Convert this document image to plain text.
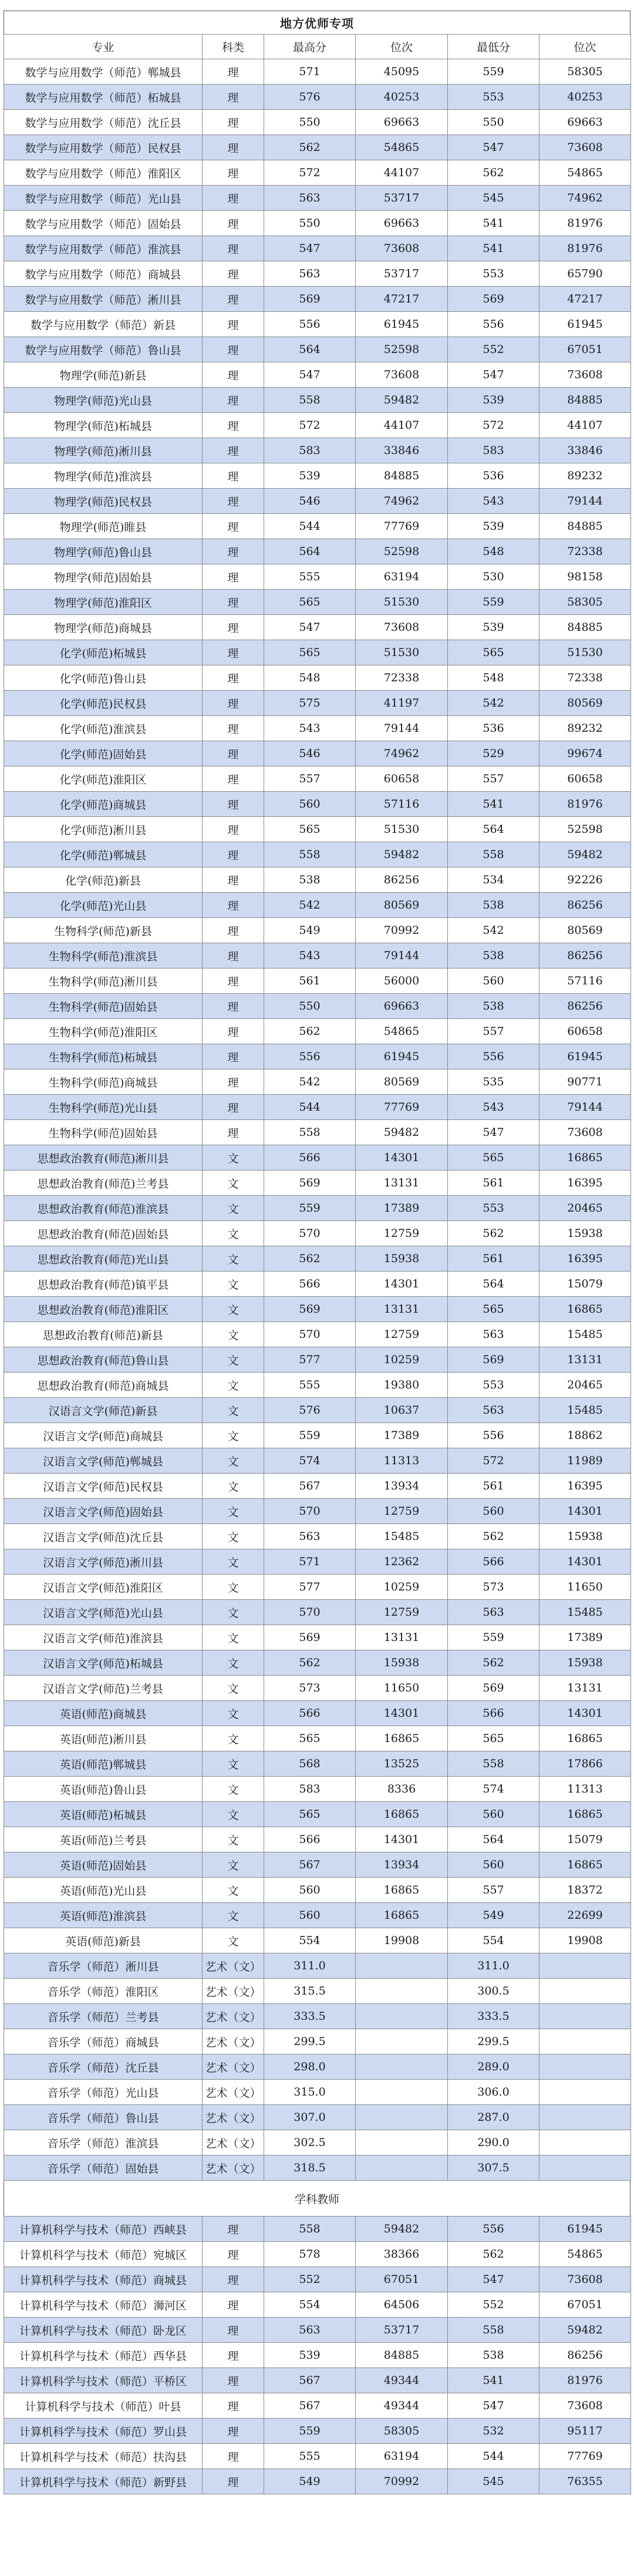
地方优师专项
专业	科类	最高分	位次	最低分	位次
数学与应用数学（师范）郸城县	理	571	45095	559	58305
数学与应用数学（师范）柘城县	理	576	40253	553	40253
数学与应用数学（师范）沈丘县	理	550	69663	550	69663
数学与应用数学（师范）民权县	理	562	54865	547	73608
数学与应用数学（师范）淮阳区	理	572	44107	562	54865
数学与应用数学（师范）光山县	理	563	53717	545	74962
数学与应用数学（师范）固始县	理	550	69663	541	81976
数学与应用数学（师范）淮滨县	理	547	73608	541	81976
数学与应用数学（师范）商城县	理	563	53717	553	65790
数学与应用数学（师范）淅川县	理	569	47217	569	47217
数学与应用数学（师范）新县	理	556	61945	556	61945
数学与应用数学（师范）鲁山县	理	564	52598	552	67051
物理学(师范)新县	理	547	73608	547	73608
物理学(师范)光山县	理	558	59482	539	84885
物理学(师范)柘城县	理	572	44107	572	44107
物理学(师范)淅川县	理	583	33846	583	33846
物理学(师范)淮滨县	理	539	84885	536	89232
物理学(师范)民权县	理	546	74962	543	79144
物理学(师范)睢县	理	544	77769	539	84885
物理学(师范)鲁山县	理	564	52598	548	72338
物理学(师范)固始县	理	555	63194	530	98158
物理学(师范)淮阳区	理	565	51530	559	58305
物理学(师范)商城县	理	547	73608	539	84885
化学(师范)柘城县	理	565	51530	565	51530
化学(师范)鲁山县	理	548	72338	548	72338
化学(师范)民权县	理	575	41197	542	80569
化学(师范)淮滨县	理	543	79144	536	89232
化学(师范)固始县	理	546	74962	529	99674
化学(师范)淮阳区	理	557	60658	557	60658
化学(师范)商城县	理	560	57116	541	81976
化学(师范)淅川县	理	565	51530	564	52598
化学(师范)郸城县	理	558	59482	558	59482
化学(师范)新县	理	538	86256	534	92226
化学(师范)光山县	理	542	80569	538	86256
生物科学(师范)新县	理	549	70992	542	80569
生物科学(师范)淮滨县	理	543	79144	538	86256
生物科学(师范)淅川县	理	561	56000	560	57116
生物科学(师范)固始县	理	550	69663	538	86256
生物科学(师范)淮阳区	理	562	54865	557	60658
生物科学(师范)柘城县	理	556	61945	556	61945
生物科学(师范)商城县	理	542	80569	535	90771
生物科学(师范)光山县	理	544	77769	543	79144
生物科学(师范)固始县	理	558	59482	547	73608
思想政治教育(师范)淅川县	文	566	14301	565	16865
思想政治教育(师范)兰考县	文	569	13131	561	16395
思想政治教育(师范)淮滨县	文	559	17389	553	20465
思想政治教育(师范)固始县	文	570	12759	562	15938
思想政治教育(师范)光山县	文	562	15938	561	16395
思想政治教育(师范)镇平县	文	566	14301	564	15079
思想政治教育(师范)淮阳区	文	569	13131	565	16865
思想政治教育(师范)新县	文	570	12759	563	15485
思想政治教育(师范)鲁山县	文	577	10259	569	13131
思想政治教育(师范)商城县	文	555	19380	553	20465
汉语言文学(师范)新县	文	576	10637	563	15485
汉语言文学(师范)商城县	文	559	17389	556	18862
汉语言文学(师范)郸城县	文	574	11313	572	11989
汉语言文学(师范)民权县	文	567	13934	561	16395
汉语言文学(师范)固始县	文	570	12759	560	14301
汉语言文学(师范)沈丘县	文	563	15485	562	15938
汉语言文学(师范)淅川县	文	571	12362	566	14301
汉语言文学(师范)淮阳区	文	577	10259	573	11650
汉语言文学(师范)光山县	文	570	12759	563	15485
汉语言文学(师范)淮滨县	文	569	13131	559	17389
汉语言文学(师范)柘城县	文	562	15938	562	15938
汉语言文学(师范)兰考县	文	573	11650	569	13131
英语(师范)商城县	文	566	14301	566	14301
英语(师范)淅川县	文	565	16865	565	16865
英语(师范)郸城县	文	568	13525	558	17866
英语(师范)鲁山县	文	583	8336	574	11313
英语(师范)柘城县	文	565	16865	560	16865
英语(师范)兰考县	文	566	14301	564	15079
英语(师范)固始县	文	567	13934	560	16865
英语(师范)光山县	文	560	16865	557	18372
英语(师范)淮滨县	文	560	16865	549	22699
英语(师范)新县	文	554	19908	554	19908
音乐学（师范）淅川县	艺术（文）	311.0		311.0	
音乐学（师范）淮阳区	艺术（文）	315.5		300.5	
音乐学（师范）兰考县	艺术（文）	333.5		333.5	
音乐学（师范）商城县	艺术（文）	299.5		299.5	
音乐学（师范）沈丘县	艺术（文）	298.0		289.0	
音乐学（师范）光山县	艺术（文）	315.0		306.0	
音乐学（师范）鲁山县	艺术（文）	307.0		287.0	
音乐学（师范）淮滨县	艺术（文）	302.5		290.0	
音乐学（师范）固始县	艺术（文）	318.5		307.5	
学科教师
计算机科学与技术（师范）西峡县	理	558	59482	556	61945
计算机科学与技术（师范）宛城区	理	578	38366	562	54865
计算机科学与技术（师范）商城县	理	552	67051	547	73608
计算机科学与技术（师范）浉河区	理	554	64506	552	67051
计算机科学与技术（师范）卧龙区	理	563	53717	558	59482
计算机科学与技术（师范）西华县	理	539	84885	538	86256
计算机科学与技术（师范）平桥区	理	567	49344	541	81976
计算机科学与技术（师范）叶县	理	567	49344	547	73608
计算机科学与技术（师范）罗山县	理	559	58305	532	95117
计算机科学与技术（师范）扶沟县	理	555	63194	544	77769
计算机科学与技术（师范）新野县	理	549	70992	545	76355
